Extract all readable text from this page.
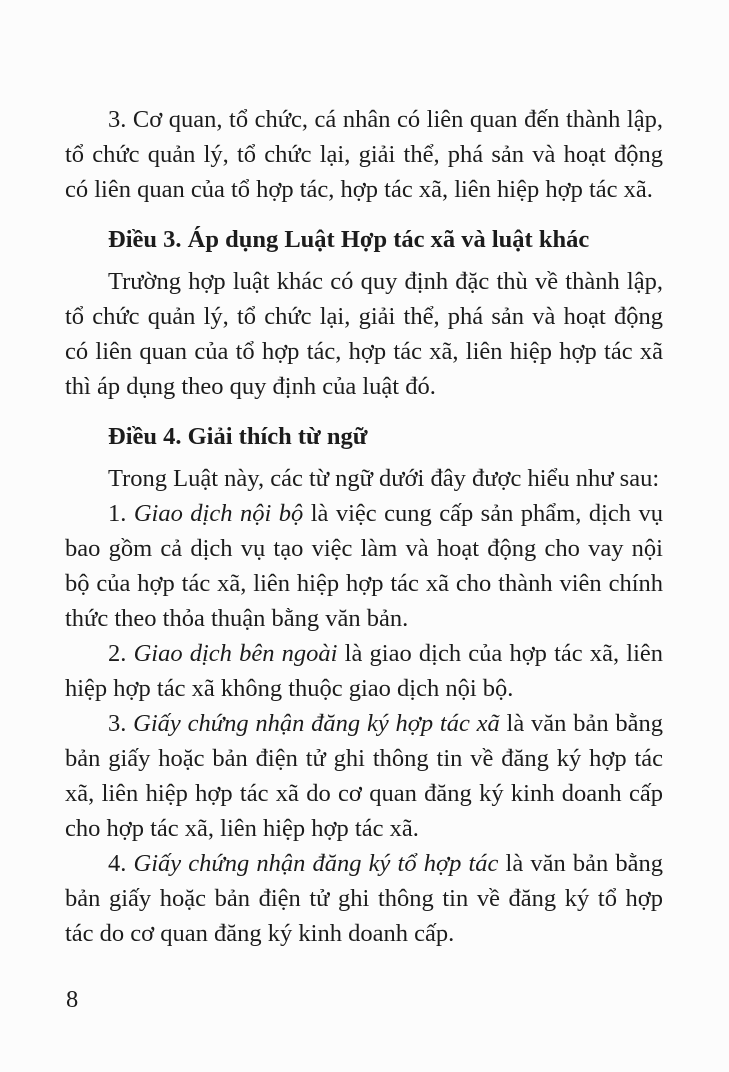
3. Cơ quan, tổ chức, cá nhân có liên quan đến thành lập, tổ chức quản lý, tổ chức lại, giải thể, phá sản và hoạt động có liên quan của tổ hợp tác, hợp tác xã, liên hiệp hợp tác xã.

Điều 3. Áp dụng Luật Hợp tác xã và luật khác

Trường hợp luật khác có quy định đặc thù về thành lập, tổ chức quản lý, tổ chức lại, giải thể, phá sản và hoạt động có liên quan của tổ hợp tác, hợp tác xã, liên hiệp hợp tác xã thì áp dụng theo quy định của luật đó.

Điều 4. Giải thích từ ngữ

Trong Luật này, các từ ngữ dưới đây được hiểu như sau:

1. Giao dịch nội bộ là việc cung cấp sản phẩm, dịch vụ bao gồm cả dịch vụ tạo việc làm và hoạt động cho vay nội bộ của hợp tác xã, liên hiệp hợp tác xã cho thành viên chính thức theo thỏa thuận bằng văn bản.

2. Giao dịch bên ngoài là giao dịch của hợp tác xã, liên hiệp hợp tác xã không thuộc giao dịch nội bộ.

3. Giấy chứng nhận đăng ký hợp tác xã là văn bản bằng bản giấy hoặc bản điện tử ghi thông tin về đăng ký hợp tác xã, liên hiệp hợp tác xã do cơ quan đăng ký kinh doanh cấp cho hợp tác xã, liên hiệp hợp tác xã.

4. Giấy chứng nhận đăng ký tổ hợp tác là văn bản bằng bản giấy hoặc bản điện tử ghi thông tin về đăng ký tổ hợp tác do cơ quan đăng ký kinh doanh cấp.

8
